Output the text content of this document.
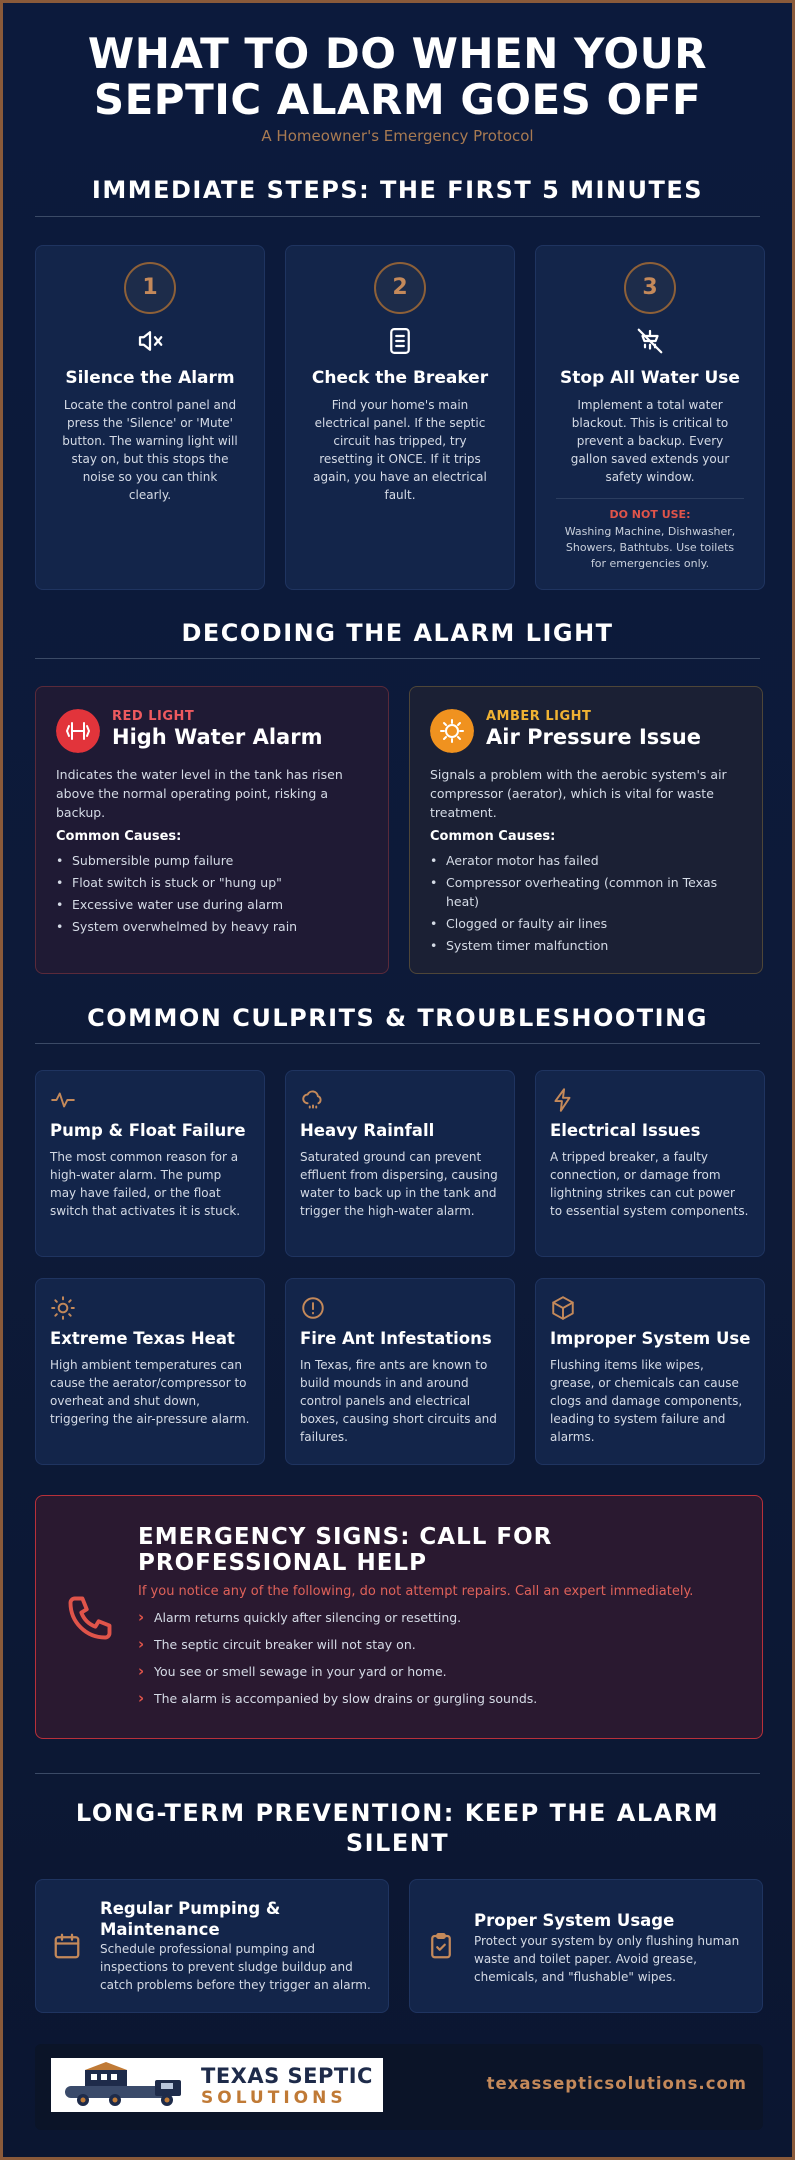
WHAT TO DO WHEN YOUR SEPTIC ALARM GOES OFF
A Homeowner's Emergency Protocol
IMMEDIATE STEPS: THE FIRST 5 MINUTES
1
Silence the Alarm
Locate the control panel and press the 'Silence' or 'Mute' button. The warning light will stay on, but this stops the noise so you can think clearly.
2
Check the Breaker
Find your home's main electrical panel. If the septic circuit has tripped, try resetting it ONCE. If it trips again, you have an electrical fault.
3
Stop All Water Use
Implement a total water blackout. This is critical to prevent a backup. Every gallon saved extends your safety window.
DO NOT USE:
Washing Machine, Dishwasher, Showers, Bathtubs. Use toilets for emergencies only.
DECODING THE ALARM LIGHT
RED LIGHT
High Water Alarm
Indicates the water level in the tank has risen above the normal operating point, risking a backup.
Common Causes:
• Submersible pump failure
• Float switch is stuck or "hung up"
• Excessive water use during alarm
• System overwhelmed by heavy rain
AMBER LIGHT
Air Pressure Issue
Signals a problem with the aerobic system's air compressor (aerator), which is vital for waste treatment.
Common Causes:
• Aerator motor has failed
• Compressor overheating (common in Texas heat)
• Clogged or faulty air lines
• System timer malfunction
COMMON CULPRITS & TROUBLESHOOTING
Pump & Float Failure
The most common reason for a high-water alarm. The pump may have failed, or the float switch that activates it is stuck.
Heavy Rainfall
Saturated ground can prevent effluent from dispersing, causing water to back up in the tank and trigger the high-water alarm.
Electrical Issues
A tripped breaker, a faulty connection, or damage from lightning strikes can cut power to essential system components.
Extreme Texas Heat
High ambient temperatures can cause the aerator/compressor to overheat and shut down, triggering the air-pressure alarm.
Fire Ant Infestations
In Texas, fire ants are known to build mounds in and around control panels and electrical boxes, causing short circuits and failures.
Improper System Use
Flushing items like wipes, grease, or chemicals can cause clogs and damage components, leading to system failure and alarms.
EMERGENCY SIGNS: CALL FOR PROFESSIONAL HELP
If you notice any of the following, do not attempt repairs. Call an expert immediately.
› Alarm returns quickly after silencing or resetting.
› The septic circuit breaker will not stay on.
› You see or smell sewage in your yard or home.
› The alarm is accompanied by slow drains or gurgling sounds.
LONG-TERM PREVENTION: KEEP THE ALARM SILENT
Regular Pumping & Maintenance
Schedule professional pumping and inspections to prevent sludge buildup and catch problems before they trigger an alarm.
Proper System Usage
Protect your system by only flushing human waste and toilet paper. Avoid grease, chemicals, and "flushable" wipes.
TEXAS SEPTIC
SOLUTIONS
texassepticsolutions.com
